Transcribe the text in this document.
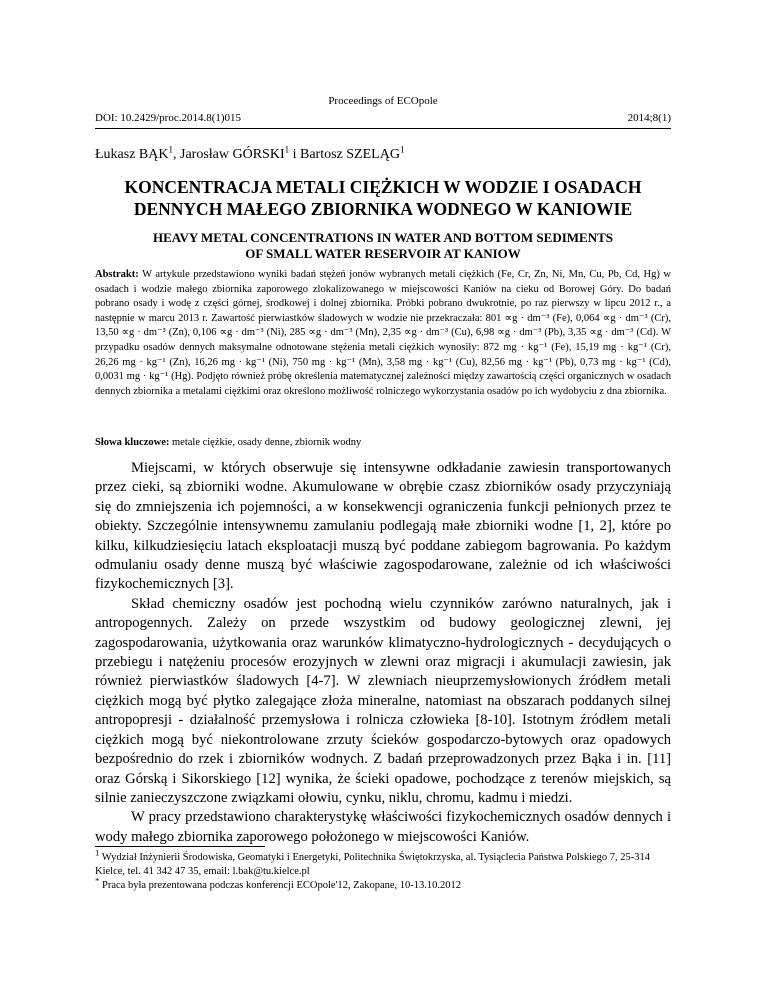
Proceedings of ECOpole
DOI: 10.2429/proc.2014.8(1)015	2014;8(1)
Łukasz BĄK$^1$, Jarosław GÓRSKI$^1$ i Bartosz SZELĄG$^1$
KONCENTRACJA METALI CIĘŻKICH W WODZIE I OSADACH
DENNYCH MAŁEGO ZBIORNIKA WODNEGO W KANIOWIE
HEAVY METAL CONCENTRATIONS IN WATER AND BOTTOM SEDIMENTS
OF SMALL WATER RESERVOIR AT KANIOW
Abstrakt: W artykule przedstawiono wyniki badań stężeń jonów wybranych metali ciężkich (Fe, Cr, Zn, Ni, Mn, Cu, Pb, Cd, Hg) w osadach i wodzie małego zbiornika zaporowego zlokalizowanego w miejscowości Kaniów na cieku od Borowej Góry. Do badań pobrano osady i wodę z części górnej, środkowej i dolnej zbiornika. Próbki pobrano dwukrotnie, po raz pierwszy w lipcu 2012 r., a następnie w marcu 2013 r. Zawartość pierwiastków śladowych w wodzie nie przekraczała: 801 ∝g · dm⁻³ (Fe), 0,064 ∝g · dm⁻³ (Cr), 13,50 ∝g · dm⁻³ (Zn), 0,106 ∝g · dm⁻³ (Ni), 285 ∝g · dm⁻³ (Mn), 2,35 ∝g · dm⁻³ (Cu), 6,98 ∝g · dm⁻³ (Pb), 3,35 ∝g · dm⁻³ (Cd). W przypadku osadów dennych maksymalne odnotowane stężenia metali ciężkich wynosiły: 872 mg · kg⁻¹ (Fe), 15,19 mg · kg⁻¹ (Cr), 26,26 mg · kg⁻¹ (Zn), 16,26 mg · kg⁻¹ (Ni), 750 mg · kg⁻¹ (Mn), 3,58 mg · kg⁻¹ (Cu), 82,56 mg · kg⁻¹ (Pb), 0,73 mg · kg⁻¹ (Cd), 0,0031 mg · kg⁻¹ (Hg). Podjęto również próbę określenia matematycznej zależności między zawartością części organicznych w osadach dennych zbiornika a metalami ciężkimi oraz określono możliwość rolniczego wykorzystania osadów po ich wydobyciu z dna zbiornika.
Słowa kluczowe: metale ciężkie, osady denne, zbiornik wodny

Miejscami, w których obserwuje się intensywne odkładanie zawiesin transportowanych przez cieki, są zbiorniki wodne. Akumulowane w obrębie czasz zbiorników osady przyczyniają się do zmniejszenia ich pojemności, a w konsekwencji ograniczenia funkcji pełnionych przez te obiekty. Szczególnie intensywnemu zamulaniu podlegają małe zbiorniki wodne [1, 2], które po kilku, kilkudziesięciu latach eksploatacji muszą być poddane zabiegom bagrowania. Po każdym odmulaniu osady denne muszą być właściwie zagospodarowane, zależnie od ich właściwości fizykochemicznych [3].

Skład chemiczny osadów jest pochodną wielu czynników zarówno naturalnych, jak i antropogennych. Zależy on przede wszystkim od budowy geologicznej zlewni, jej zagospodarowania, użytkowania oraz warunków klimatyczno-hydrologicznych - decydujących o przebiegu i natężeniu procesów erozyjnych w zlewni oraz migracji i akumulacji zawiesin, jak również pierwiastków śladowych [4-7]. W zlewniach nieuprzemysłowionych źródłem metali ciężkich mogą być płytko zalegające złoża mineralne, natomiast na obszarach poddanych silnej antropopresji - działalność przemysłowa i rolnicza człowieka [8-10]. Istotnym źródłem metali ciężkich mogą być niekontrolowane zrzuty ścieków gospodarczo-bytowych oraz opadowych bezpośrednio do rzek i zbiorników wodnych. Z badań przeprowadzonych przez Bąka i in. [11] oraz Górską i Sikorskiego [12] wynika, że ścieki opadowe, pochodzące z terenów miejskich, są silnie zanieczyszczone związkami ołowiu, cynku, niklu, chromu, kadmu i miedzi.

W pracy przedstawiono charakterystykę właściwości fizykochemicznych osadów dennych i wody małego zbiornika zaporowego położonego w miejscowości Kaniów.

$^1$ Wydział Inżynierii Środowiska, Geomatyki i Energetyki, Politechnika Świętokrzyska, al. Tysiąclecia Państwa Polskiego 7, 25-314 Kielce, tel. 41 342 47 35, email: l.bak@tu.kielce.pl

* Praca była prezentowana podczas konferencji ECOpole'12, Zakopane, 10-13.10.2012
